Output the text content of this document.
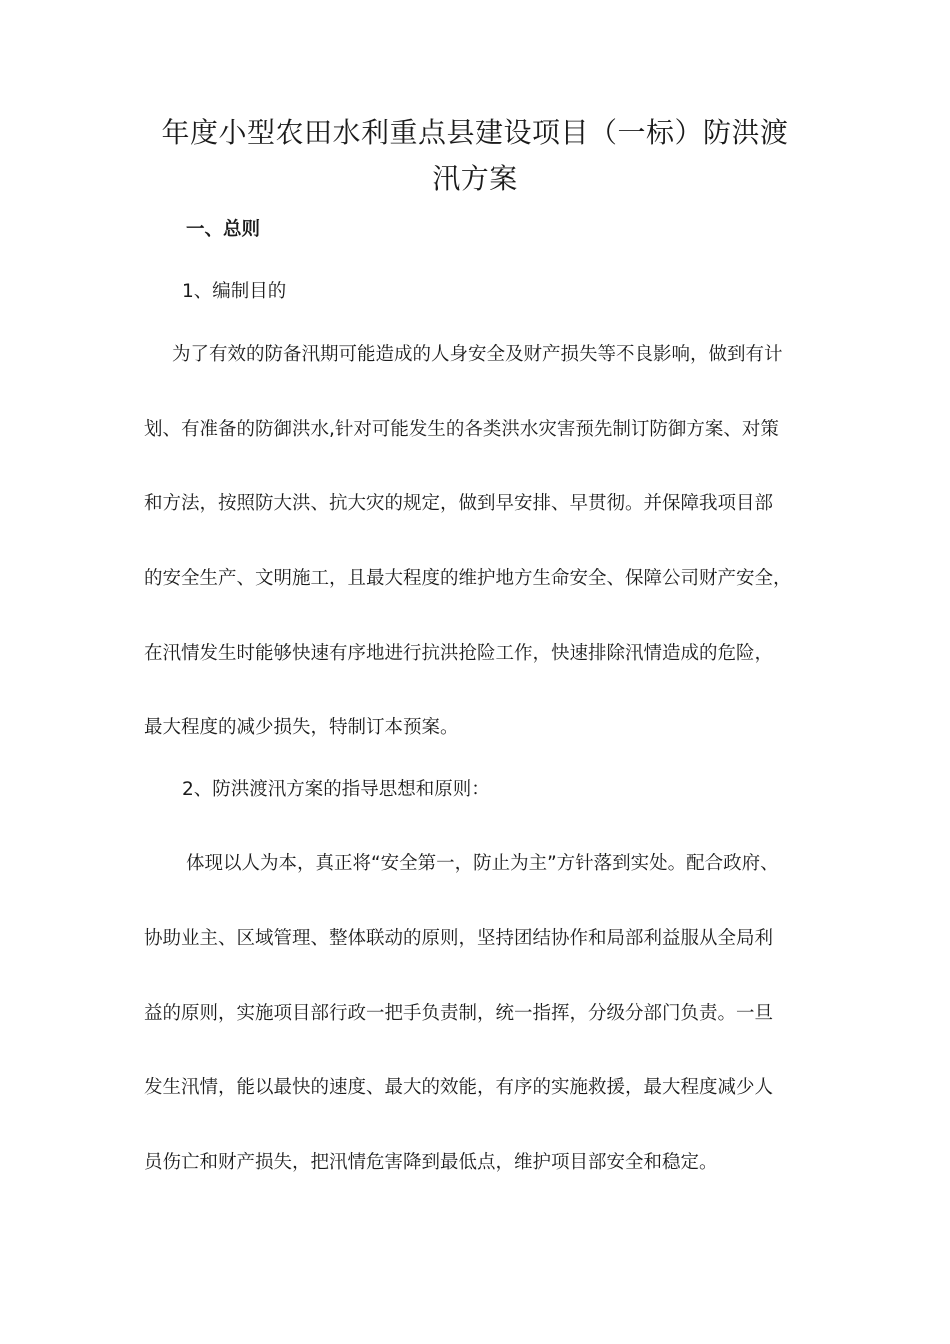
年度小型农田水利重点县建设项目（一标）防洪渡
汛方案

一、总则

1、编制目的

为了有效的防备汛期可能造成的人身安全及财产损失等不良影响，做到有计

划、有准备的防御洪水,针对可能发生的各类洪水灾害预先制订防御方案、对策

和方法，按照防大洪、抗大灾的规定，做到早安排、早贯彻。并保障我项目部

的安全生产、文明施工，且最大程度的维护地方生命安全、保障公司财产安全，

在汛情发生时能够快速有序地进行抗洪抢险工作，快速排除汛情造成的危险，

最大程度的减少损失，特制订本预案。

2、防洪渡汛方案的指导思想和原则：

体现以人为本，真正将“安全第一，防止为主”方针落到实处。配合政府、

协助业主、区域管理、整体联动的原则，坚持团结协作和局部利益服从全局利

益的原则，实施项目部行政一把手负责制，统一指挥，分级分部门负责。一旦

发生汛情，能以最快的速度、最大的效能，有序的实施救援，最大程度减少人

员伤亡和财产损失，把汛情危害降到最低点，维护项目部安全和稳定。
